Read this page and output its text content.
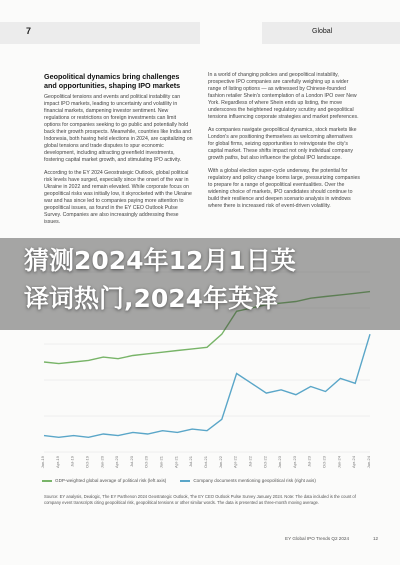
7	Global
Geopolitical dynamics bring challenges and opportunities, shaping IPO markets

Geopolitical tensions and events and political instability can impact IPO markets, leading to uncertainty and volatility in financial markets, dampening investor sentiment. New regulations or restrictions on foreign investments can limit options for companies seeking to go public and potentially hold back their growth prospects. Meanwhile, countries like India and Indonesia, both having held elections in 2024, are capitalizing on global tensions and trade disputes to spur economic development, including attracting greenfield investments, fostering capital market growth, and stimulating IPO activity.

According to the EY 2024 Geostrategic Outlook, global political risk levels have surged, especially since the onset of the war in Ukraine in 2022 and remain elevated. While corporate focus on geopolitical risks was initially low, it skyrocketed with the Ukraine war and has since led to companies paying more attention to geopolitical issues, as found in the EY CEO Outlook Pulse Survey. Companies are also increasingly addressing these issues.

In a world of changing policies and geopolitical instability, prospective IPO companies are carefully weighing up a wider range of listing options — as witnessed by Chinese-founded fashion retailer Shein's contemplation of a London IPO over New York. Regardless of where Shein ends up listing, the move underscores the heightened regulatory scrutiny and geopolitical tensions influencing corporate strategies and market preferences.

As companies navigate geopolitical dynamics, stock markets like London's are positioning themselves as welcoming alternatives for global firms, seizing opportunities to reinvigorate the city's capital market. These shifts impact not only individual company growth paths, but also influence the global IPO landscape.

With a global election super-cycle underway, the potential for regulatory and policy change looms large, pressurizing companies to prepare for a range of geopolitical eventualities. Over the widening choice of markets, IPO candidates should continue to build their resilience and deepen scenario analysis in windows where there is increased risk of event-driven volatility.

Jan-19 Apr-19 Jul-19 Oct-19 Jan-20 Apr-20 Jul-20 Oct-20 Jan-21 Apr-21 Jul-21 Oct-21 Jan-22 Apr-22 Jul-22 Oct-22 Jan-23 Apr-23 Jul-23 Oct-23 Jan-24 Apr-24 Jun-24
猜测2024年12月1日英
译词热门,2024年英译
GDP-weighted global average of political risk (left axis)	Company documents mentioning geopolitical risk (right axis)
Source: EY analysis, Dealogic, The EY Parthenon 2024 Geostrategic Outlook, The EY CEO Outlook Pulse Survey January 2024. Note: The data included is the count of company event transcripts citing geopolitical risk, geopolitical tensions or other similar words. The data is presented as three-month moving average.
EY Global IPO Trends Q2 2024	12
